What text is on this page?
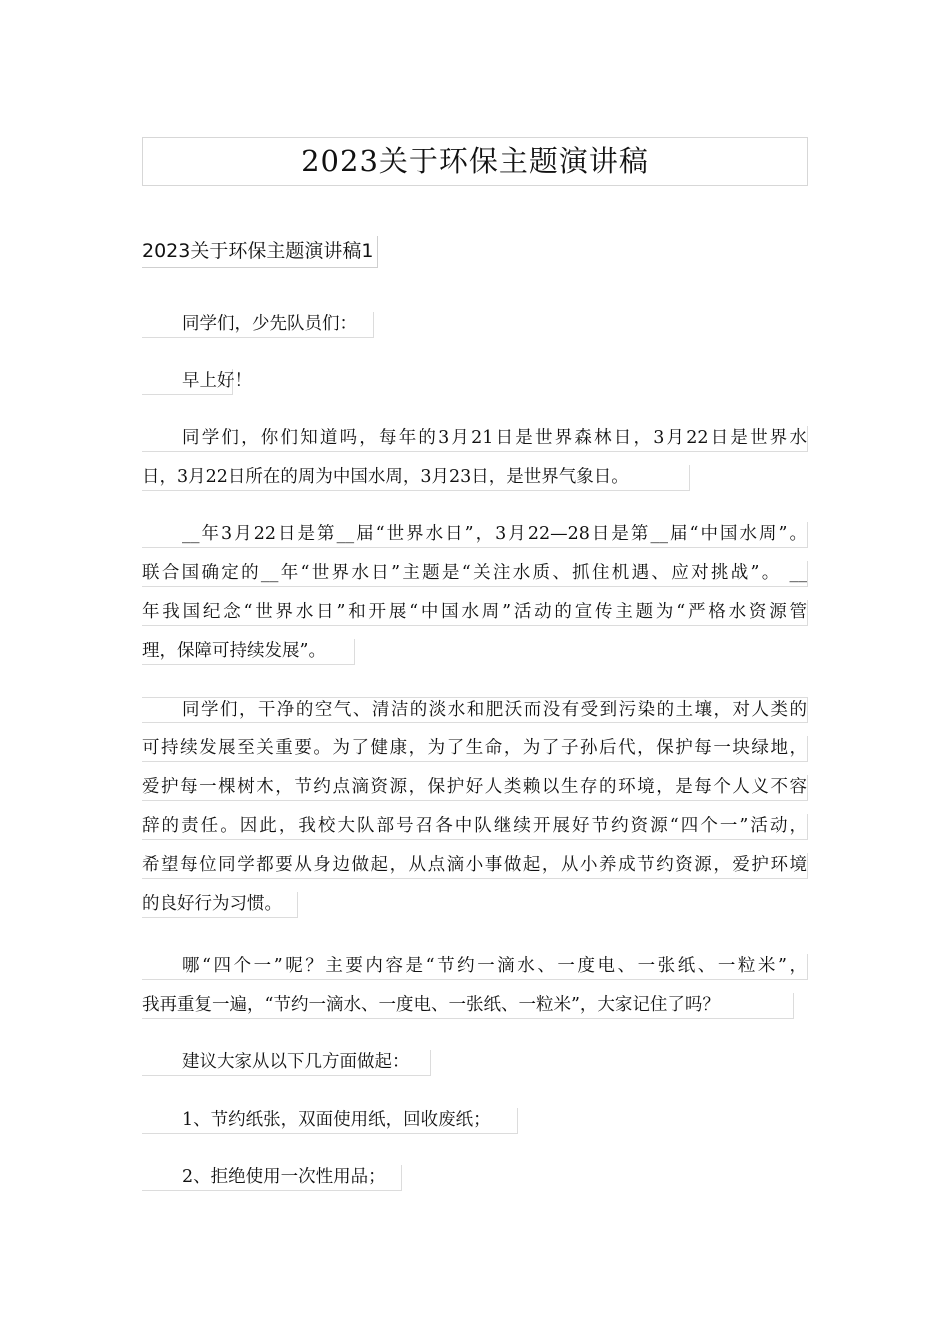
2023关于环保主题演讲稿
2023关于环保主题演讲稿1
同学们，少先队员们：
早上好！
同学们，你们知道吗，每年的3月21日是世界森林日，3月22日是世界水
日，3月22日所在的周为中国水周，3月23日，是世界气象日。
__年3月22日是第__届“世界水日”，3月22—28日是第__届“中国水周”。
联合国确定的__年“世界水日”主题是“关注水质、抓住机遇、应对挑战”。 __
年我国纪念“世界水日”和开展“中国水周”活动的宣传主题为“严格水资源管
理，保障可持续发展”。
同学们，干净的空气、清洁的淡水和肥沃而没有受到污染的土壤，对人类的
可持续发展至关重要。为了健康，为了生命，为了子孙后代，保护每一块绿地，
爱护每一棵树木，节约点滴资源，保护好人类赖以生存的环境，是每个人义不容
辞的责任。因此，我校大队部号召各中队继续开展好节约资源“四个一”活动，
希望每位同学都要从身边做起，从点滴小事做起，从小养成节约资源，爱护环境
的良好行为习惯。
哪“四个一”呢？主要内容是“节约一滴水、一度电、一张纸、一粒米”，
我再重复一遍，“节约一滴水、一度电、一张纸、一粒米”，大家记住了吗？
建议大家从以下几方面做起：
1、节约纸张，双面使用纸，回收废纸；
2、拒绝使用一次性用品；
